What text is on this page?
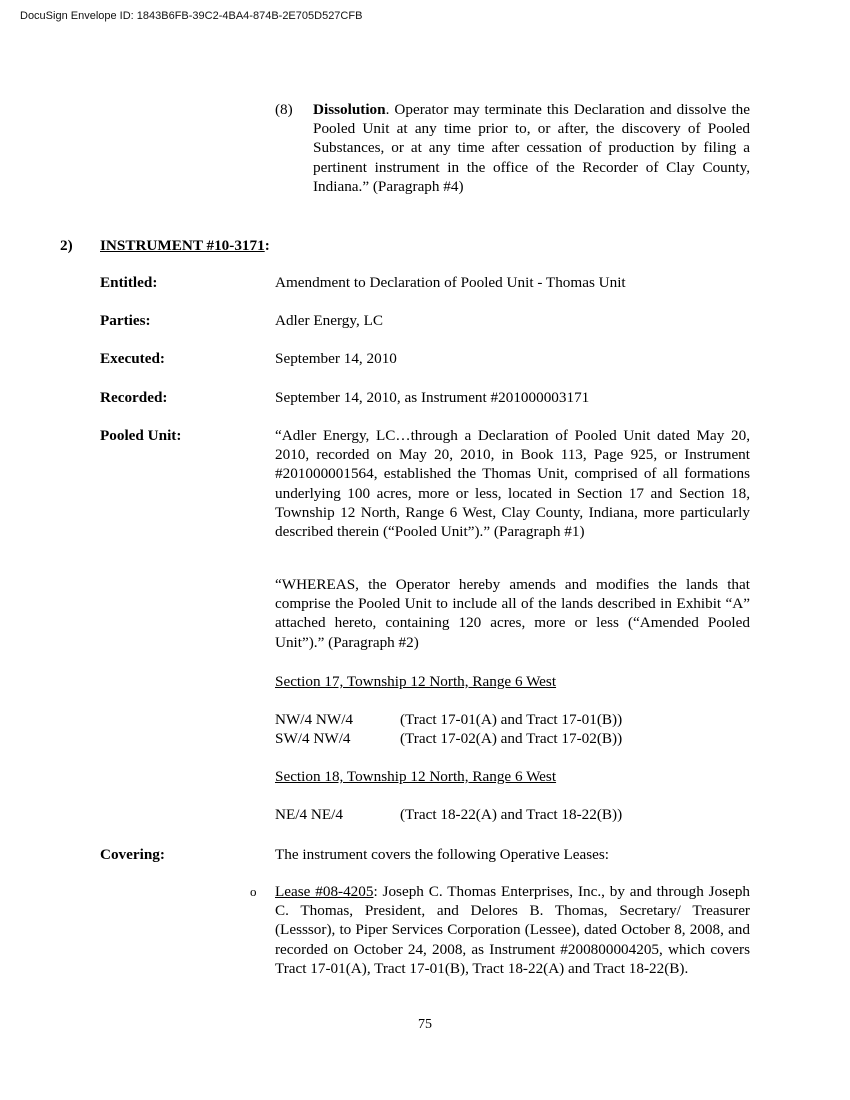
DocuSign Envelope ID: 1843B6FB-39C2-4BA4-874B-2E705D527CFB
(8) Dissolution. Operator may terminate this Declaration and dissolve the Pooled Unit at any time prior to, or after, the discovery of Pooled Substances, or at any time after cessation of production by filing a pertinent instrument in the office of the Recorder of Clay County, Indiana.” (Paragraph #4)
2) INSTRUMENT #10-3171:
Entitled:	Amendment to Declaration of Pooled Unit - Thomas Unit
Parties:	Adler Energy, LC
Executed:	September 14, 2010
Recorded:	September 14, 2010, as Instrument #201000003171
Pooled Unit:	“Adler Energy, LC…through a Declaration of Pooled Unit dated May 20, 2010, recorded on May 20, 2010, in Book 113, Page 925, or Instrument #201000001564, established the Thomas Unit, comprised of all formations underlying 100 acres, more or less, located in Section 17 and Section 18, Township 12 North, Range 6 West, Clay County, Indiana, more particularly described therein (“Pooled Unit”).” (Paragraph #1)
“WHEREAS, the Operator hereby amends and modifies the lands that comprise the Pooled Unit to include all of the lands described in Exhibit “A” attached hereto, containing 120 acres, more or less (“Amended Pooled Unit”).” (Paragraph #2)
Section 17, Township 12 North, Range 6 West
NW/4 NW/4	(Tract 17-01(A) and Tract 17-01(B))
SW/4 NW/4	(Tract 17-02(A) and Tract 17-02(B))
Section 18, Township 12 North, Range 6 West
NE/4 NE/4	(Tract 18-22(A) and Tract 18-22(B))
Covering:	The instrument covers the following Operative Leases:
o Lease #08-4205: Joseph C. Thomas Enterprises, Inc., by and through Joseph C. Thomas, President, and Delores B. Thomas, Secretary/ Treasurer (Lesssor), to Piper Services Corporation (Lessee), dated October 8, 2008, and recorded on October 24, 2008, as Instrument #200800004205, which covers Tract 17-01(A), Tract 17-01(B), Tract 18-22(A) and Tract 18-22(B).
75
